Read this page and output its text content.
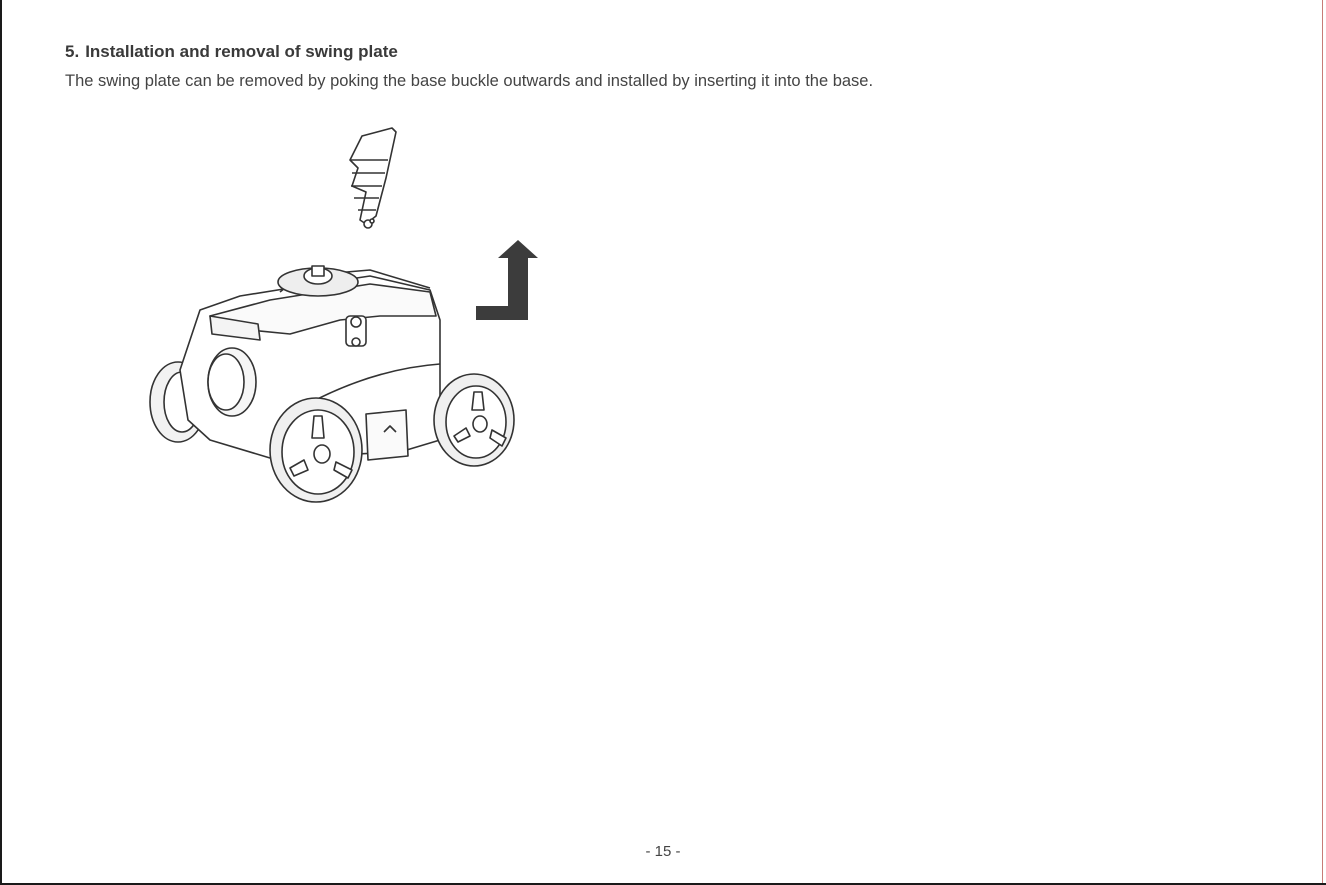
5. Installation and removal of swing plate

The swing plate can be removed by poking the base buckle outwards and installed by inserting it into the base.

- 15 -
